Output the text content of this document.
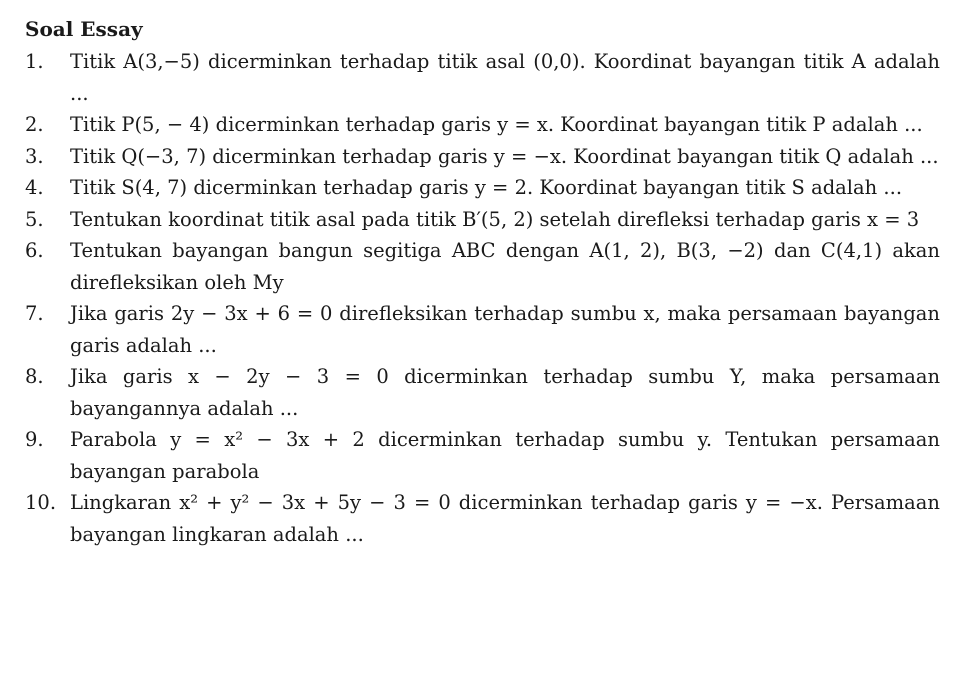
Soal Essay
1. Titik A(3,−5) dicerminkan terhadap titik asal (0,0). Koordinat bayangan titik A adalah ...
2. Titik P(5, − 4) dicerminkan terhadap garis y = x. Koordinat bayangan titik P adalah ...
3. Titik Q(−3, 7) dicerminkan terhadap garis y = −x. Koordinat bayangan titik Q adalah ...
4. Titik S(4, 7) dicerminkan terhadap garis y = 2. Koordinat bayangan titik S adalah ...
5. Tentukan koordinat titik asal pada titik B′(5, 2) setelah direfleksi terhadap garis x = 3
6. Tentukan bayangan bangun segitiga ABC dengan A(1, 2), B(3, −2) dan C(4,1) akan direfleksikan oleh My
7. Jika garis 2y − 3x + 6 = 0 direfleksikan terhadap sumbu x, maka persamaan bayangan garis adalah ...
8. Jika garis x − 2y − 3 = 0 dicerminkan terhadap sumbu Y, maka persamaan bayangannya adalah ...
9. Parabola y = x² − 3x + 2 dicerminkan terhadap sumbu y. Tentukan persamaan bayangan parabola
10. Lingkaran x² + y² − 3x + 5y − 3 = 0 dicerminkan terhadap garis y = −x. Persamaan bayangan lingkaran adalah ...
